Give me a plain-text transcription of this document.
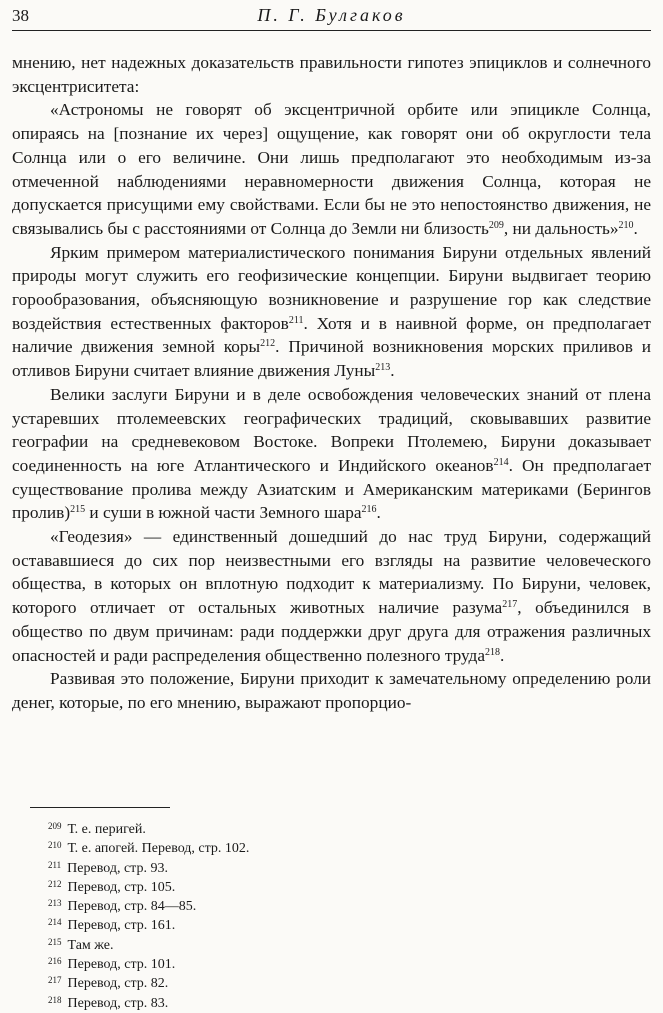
38	П. Г. Булгаков

мнению, нет надежных доказательств правильности гипотез эпициклов и солнечного эксцентриситета:

«Астрономы не говорят об эксцентричной орбите или эпицикле Солнца, опираясь на [познание их через] ощущение, как говорят они об округлости тела Солнца или о его величине. Они лишь предполагают это необходимым из-за отмеченной наблюдениями неравномерности движения Солнца, которая не допускается присущими ему свойствами. Если бы не это непостоянство движения, не связывались бы с расстояниями от Солнца до Земли ни близость$^{209}$, ни дальность»$^{210}$.

Ярким примером материалистического понимания Бируни отдельных явлений природы могут служить его геофизические концепции. Бируни выдвигает теорию горообразования, объясняющую возникновение и разрушение гор как следствие воздействия естественных факторов$^{211}$. Хотя и в наивной форме, он предполагает наличие движения земной коры$^{212}$. Причиной возникновения морских приливов и отливов Бируни считает влияние движения Луны$^{213}$.

Велики заслуги Бируни и в деле освобождения человеческих знаний от плена устаревших птолемеевских географических традиций, сковывавших развитие географии на средневековом Востоке. Вопреки Птолемею, Бируни доказывает соединенность на юге Атлантического и Индийского океанов$^{214}$. Он предполагает существование пролива между Азиатским и Американским материками (Берингов пролив)$^{215}$ и суши в южной части Земного шара$^{216}$.

«Геодезия» — единственный дошедший до нас труд Бируни, содержащий остававшиеся до сих пор неизвестными его взгляды на развитие человеческого общества, в которых он вплотную подходит к материализму. По Бируни, человек, которого отличает от остальных животных наличие разума$^{217}$, объединился в общество по двум причинам: ради поддержки друг друга для отражения различных опасностей и ради распределения общественно полезного труда$^{218}$.

Развивая это положение, Бируни приходит к замечательному определению роли денег, которые, по его мнению, выражают пропорцио-

$^{209}$ Т. е. перигей.
$^{210}$ Т. е. апогей. Перевод, стр. 102.
$^{211}$ Перевод, стр. 93.
$^{212}$ Перевод, стр. 105.
$^{213}$ Перевод, стр. 84—85.
$^{214}$ Перевод, стр. 161.
$^{215}$ Там же.
$^{216}$ Перевод, стр. 101.
$^{217}$ Перевод, стр. 82.
$^{218}$ Перевод, стр. 83.
